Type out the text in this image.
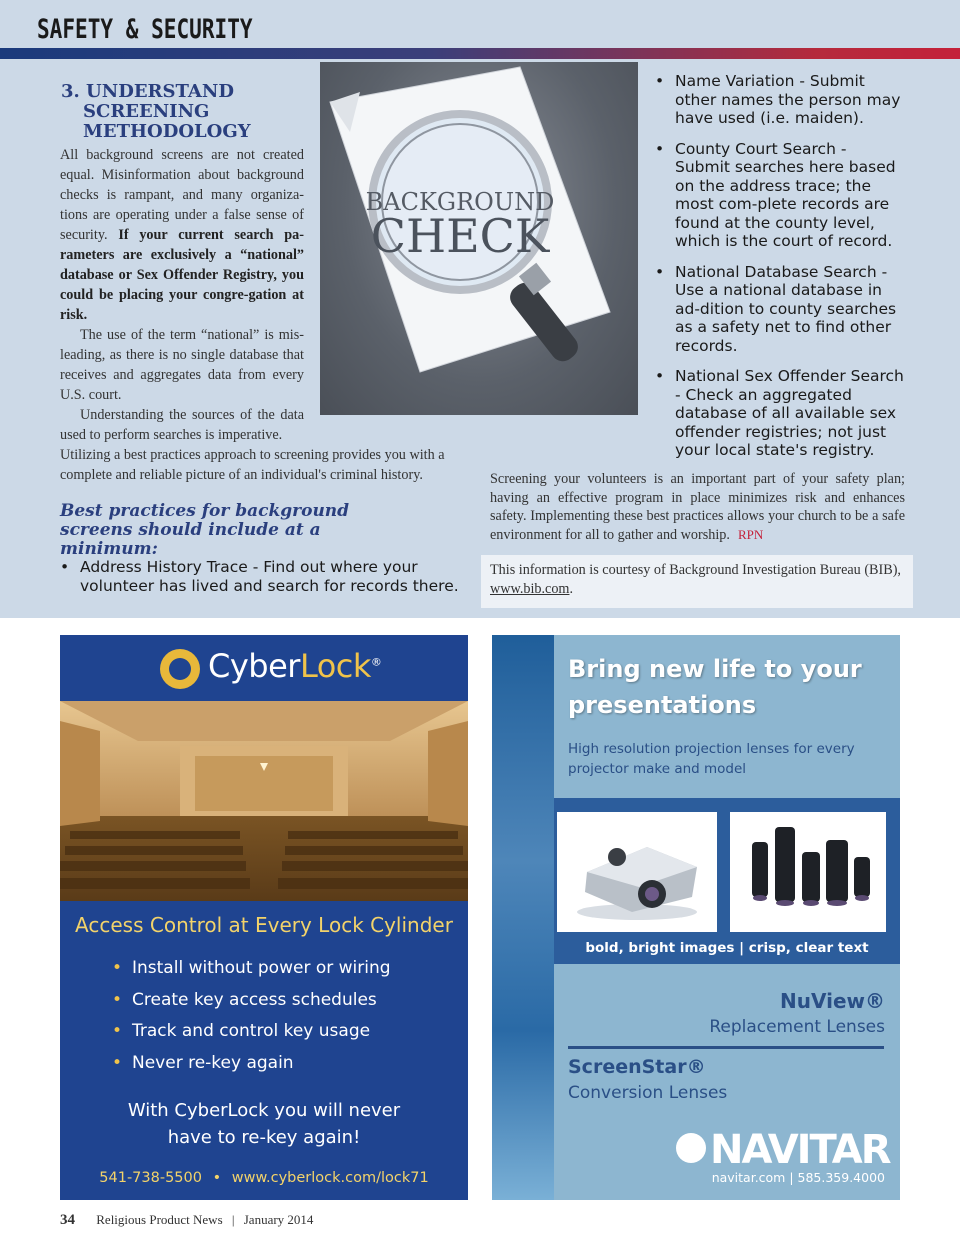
SAFETY & SECURITY
3. UNDERSTAND
SCREENING
METHODOLOGY

All background screens are not created equal. Misinformation about background checks is rampant, and many organiza-tions are operating under a false sense of security. If your current search pa-rameters are exclusively a “national” database or Sex Offender Registry, you could be placing your congre-gation at risk.

The use of the term “national” is mis-leading, as there is no single database that receives and aggregates data from every U.S. court.

Understanding the sources of the data used to perform searches is imperative.

Utilizing a best practices approach to screening provides you with a complete and reliable picture of an individual's criminal history.

Best practices for background screens should include at a minimum:
• Address History Trace - Find out where your volunteer has lived and search for records there.
BACKGROUND
CHECK
• Name Variation - Submit other names the person may have used (i.e. maiden).
• County Court Search - Submit searches here based on the address trace; the most com-plete records are found at the county level, which is the court of record.
• National Database Search - Use a national database in ad-dition to county searches as a safety net to find other records.
• National Sex Offender Search - Check an aggregated database of all available sex offender registries; not just your local state's registry.
Screening your volunteers is an important part of your safety plan; having an effective program in place minimizes risk and enhances safety. Implementing these best practices allows your church to be a safe environment for all to gather and worship. RPN
This information is courtesy of Background Investigation Bureau (BIB), www.bib.com.
CyberLock®
Access Control at Every Lock Cylinder
• Install without power or wiring
• Create key access schedules
• Track and control key usage
• Never re-key again
With CyberLock you will never
have to re-key again!
541-738-5500 • www.cyberlock.com/lock71
Bring new life to your
presentations
High resolution projection lenses for every projector make and model
bold, bright images | crisp, clear text
NuView®
Replacement Lenses
ScreenStar®
Conversion Lenses
NAVITAR
navitar.com | 585.359.4000
34 Religious Product News | January 2014
